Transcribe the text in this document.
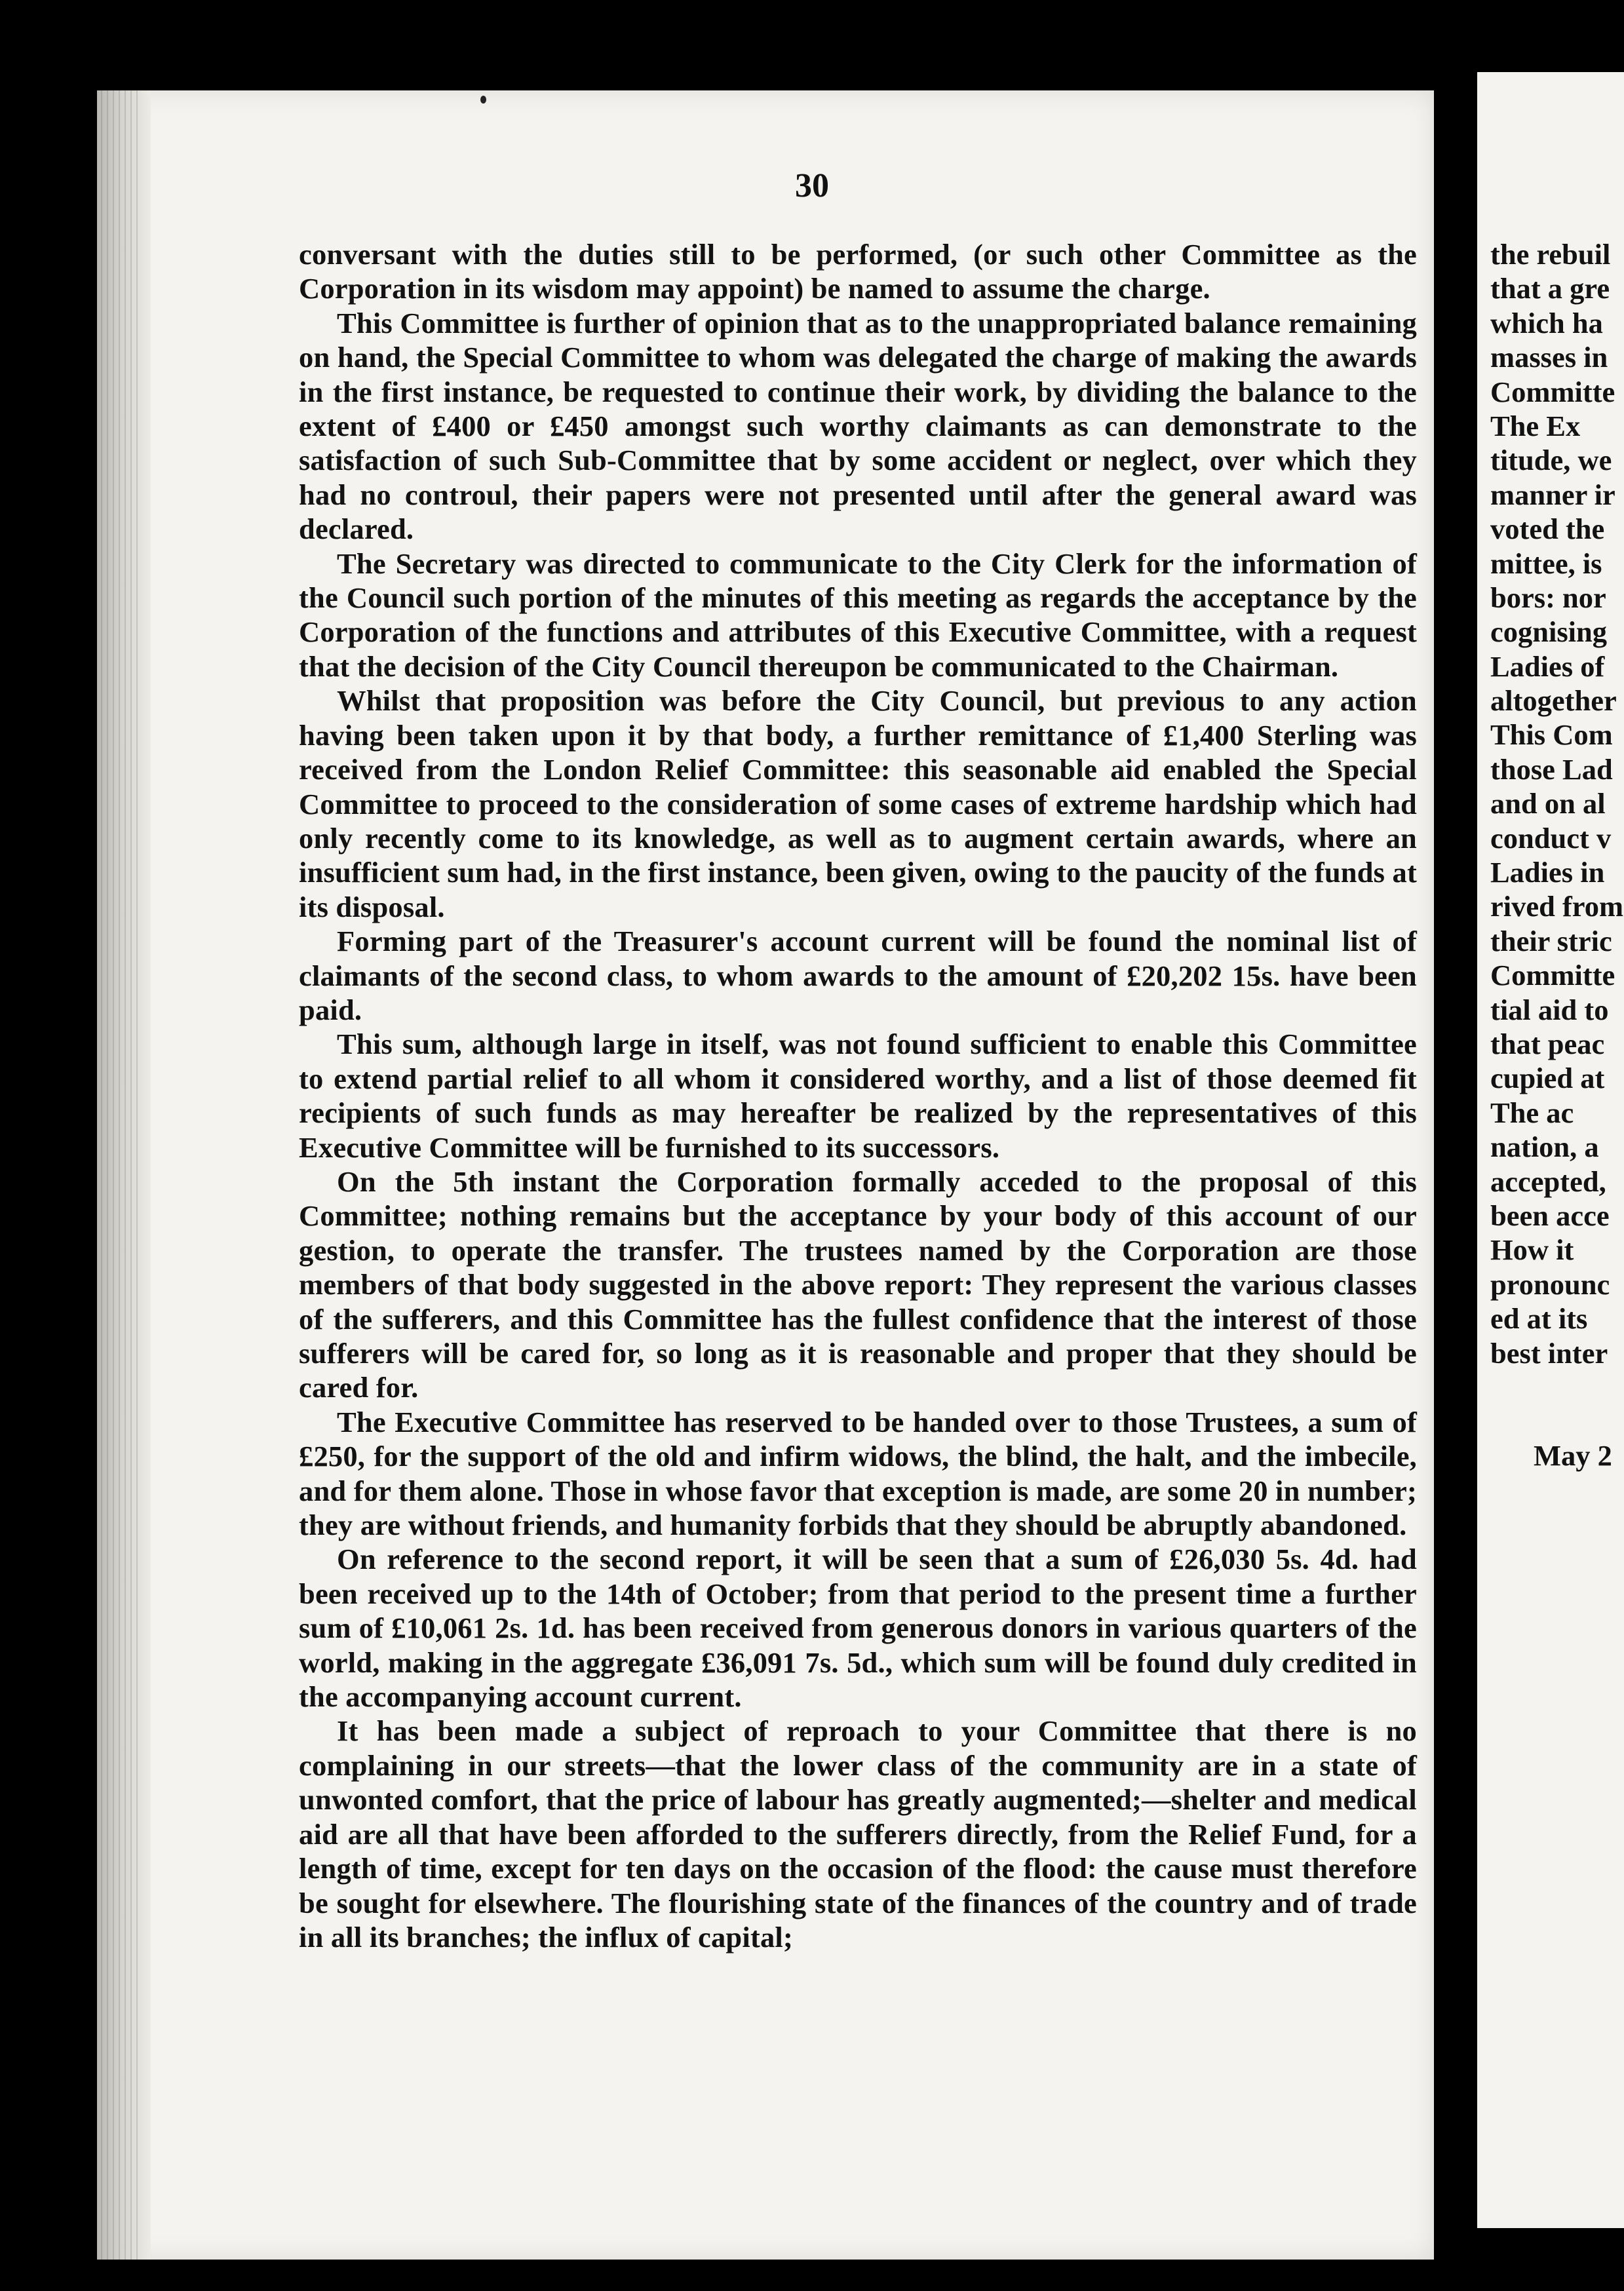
30

conversant with the duties still to be performed, (or such other Committee as the Corporation in its wisdom may appoint) be named to assume the charge.

This Committee is further of opinion that as to the unappropriated balance remaining on hand, the Special Committee to whom was delegated the charge of making the awards in the first instance, be requested to continue their work, by dividing the balance to the extent of £400 or £450 amongst such worthy claimants as can demonstrate to the satisfaction of such Sub-Committee that by some accident or neglect, over which they had no controul, their papers were not presented until after the general award was declared.

The Secretary was directed to communicate to the City Clerk for the information of the Council such portion of the minutes of this meeting as regards the acceptance by the Corporation of the functions and attributes of this Executive Committee, with a request that the decision of the City Council thereupon be communicated to the Chairman.

Whilst that proposition was before the City Council, but previous to any action having been taken upon it by that body, a further remittance of £1,400 Sterling was received from the London Relief Committee: this seasonable aid enabled the Special Committee to proceed to the consideration of some cases of extreme hardship which had only recently come to its knowledge, as well as to augment certain awards, where an insufficient sum had, in the first instance, been given, owing to the paucity of the funds at its disposal.

Forming part of the Treasurer's account current will be found the nominal list of claimants of the second class, to whom awards to the amount of £20,202 15s. have been paid.

This sum, although large in itself, was not found sufficient to enable this Committee to extend partial relief to all whom it considered worthy, and a list of those deemed fit recipients of such funds as may hereafter be realized by the representatives of this Executive Committee will be furnished to its successors.

On the 5th instant the Corporation formally acceded to the proposal of this Committee; nothing remains but the acceptance by your body of this account of our gestion, to operate the transfer. The trustees named by the Corporation are those members of that body suggested in the above report: They represent the various classes of the sufferers, and this Committee has the fullest confidence that the interest of those sufferers will be cared for, so long as it is reasonable and proper that they should be cared for.

The Executive Committee has reserved to be handed over to those Trustees, a sum of £250, for the support of the old and infirm widows, the blind, the halt, and the imbecile, and for them alone. Those in whose favor that exception is made, are some 20 in number; they are without friends, and humanity forbids that they should be abruptly abandoned.

On reference to the second report, it will be seen that a sum of £26,030 5s. 4d. had been received up to the 14th of October; from that period to the present time a further sum of £10,061 2s. 1d. has been received from generous donors in various quarters of the world, making in the aggregate £36,091 7s. 5d., which sum will be found duly credited in the accompanying account current.

It has been made a subject of reproach to your Committee that there is no complaining in our streets—that the lower class of the community are in a state of unwonted comfort, that the price of labour has greatly augmented;—shelter and medical aid are all that have been afforded to the sufferers directly, from the Relief Fund, for a length of time, except for ten days on the occasion of the flood: the cause must therefore be sought for elsewhere. The flourishing state of the finances of the country and of trade in all its branches; the influx of capital;

the rebuil
that a gre
which ha
masses in
Committe
The Ex
titude, we
manner ir
voted the
mittee, is
bors: nor
cognising
Ladies of
altogether
This Com
those Lad
and on al
conduct v
Ladies in
rived from
their stric
Committe
tial aid to
that peac
cupied at
The ac
nation, a
accepted,
been acce
How it
pronounc
ed at its
best inter
May 2
